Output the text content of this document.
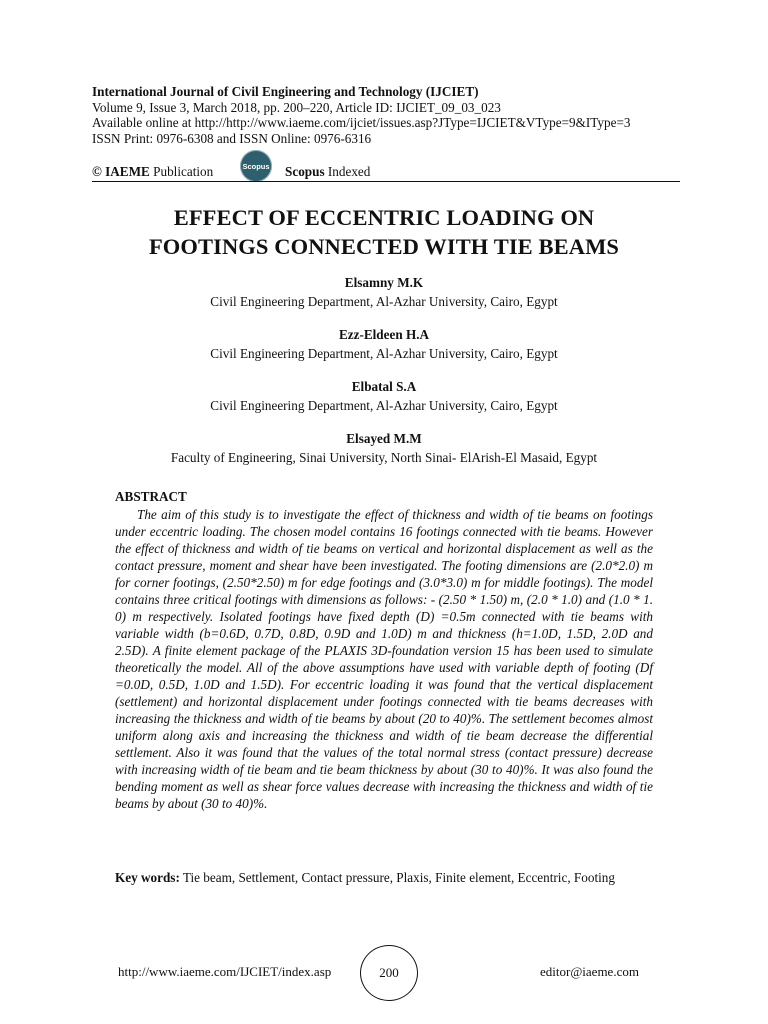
International Journal of Civil Engineering and Technology (IJCIET)
Volume 9, Issue 3, March 2018, pp. 200–220, Article ID: IJCIET_09_03_023
Available online at http://http://www.iaeme.com/ijciet/issues.asp?JType=IJCIET&VType=9&IType=3
ISSN Print: 0976-6308 and ISSN Online: 0976-6316
© IAEME Publication	Scopus Scopus Indexed
EFFECT OF ECCENTRIC LOADING ON
FOOTINGS CONNECTED WITH TIE BEAMS
Elsamny M.K
Civil Engineering Department, Al-Azhar University, Cairo, Egypt
Ezz-Eldeen H.A
Civil Engineering Department, Al-Azhar University, Cairo, Egypt
Elbatal S.A
Civil Engineering Department, Al-Azhar University, Cairo, Egypt
Elsayed M.M
Faculty of Engineering, Sinai University, North Sinai- ElArish-El Masaid, Egypt
ABSTRACT

The aim of this study is to investigate the effect of thickness and width of tie beams on footings under eccentric loading. The chosen model contains 16 footings connected with tie beams. However the effect of thickness and width of tie beams on vertical and horizontal displacement as well as the contact pressure, moment and shear have been investigated. The footing dimensions are (2.0*2.0) m for corner footings, (2.50*2.50) m for edge footings and (3.0*3.0) m for middle footings). The model contains three critical footings with dimensions as follows: - (2.50 * 1.50) m, (2.0 * 1.0) and (1.0 * 1. 0) m respectively. Isolated footings have fixed depth (D) =0.5m connected with tie beams with variable width (b=0.6D, 0.7D, 0.8D, 0.9D and 1.0D) m and thickness (h=1.0D, 1.5D, 2.0D and 2.5D). A finite element package of the PLAXIS 3D-foundation version 15 has been used to simulate theoretically the model. All of the above assumptions have used with variable depth of footing (Df =0.0D, 0.5D, 1.0D and 1.5D). For eccentric loading it was found that the vertical displacement (settlement) and horizontal displacement under footings connected with tie beams decreases with increasing the thickness and width of tie beams by about (20 to 40)%. The settlement becomes almost uniform along axis and increasing the thickness and width of tie beam decrease the differential settlement. Also it was found that the values of the total normal stress (contact pressure) decrease with increasing width of tie beam and tie beam thickness by about (30 to 40)%. It was also found the bending moment as well as shear force values decrease with increasing the thickness and width of tie beams by about (30 to 40)%.

Key words: Tie beam, Settlement, Contact pressure, Plaxis, Finite element, Eccentric, Footing
http://www.iaeme.com/IJCIET/index.asp	200	editor@iaeme.com
